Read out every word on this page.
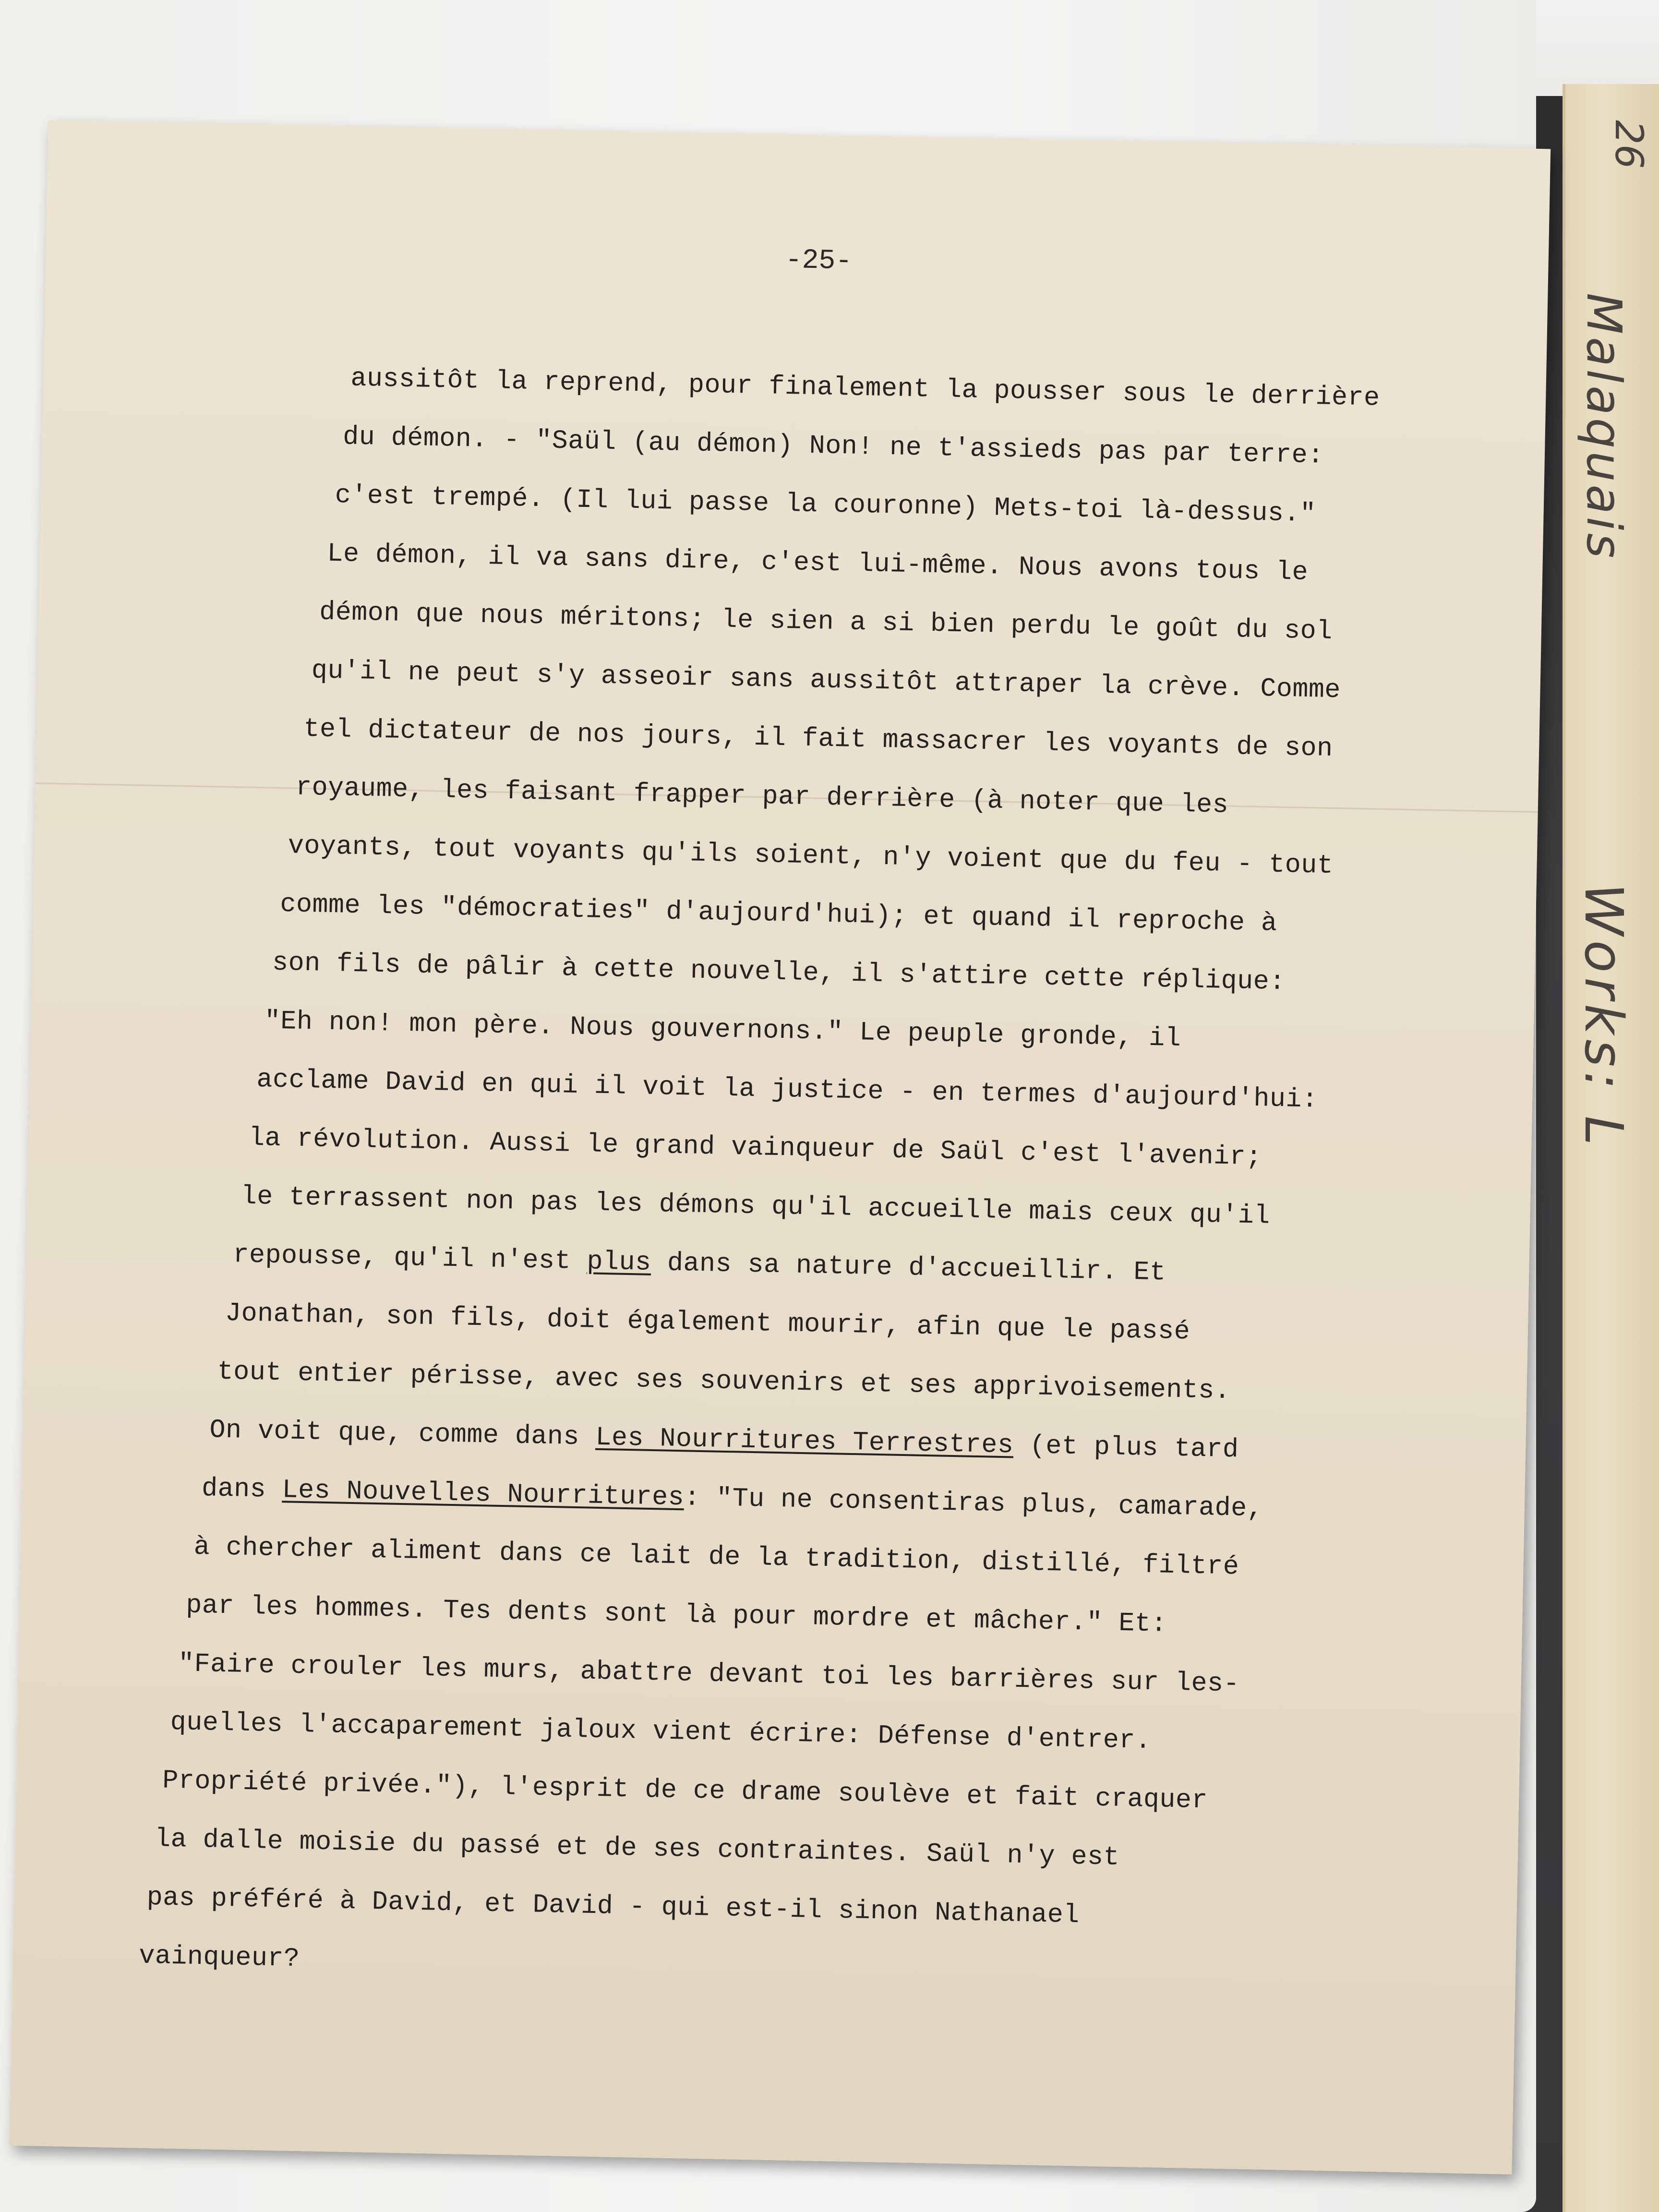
26
Malaquais
Works: L
-25-
aussitôt la reprend, pour finalement la pousser sous le derrière
du démon. - "Saül (au démon) Non! ne t'assieds pas par terre:
c'est trempé. (Il lui passe la couronne) Mets-toi là-dessus."
Le démon, il va sans dire, c'est lui-même. Nous avons tous le
démon que nous méritons; le sien a si bien perdu le goût du sol
qu'il ne peut s'y asseoir sans aussitôt attraper la crève. Comme
tel dictateur de nos jours, il fait massacrer les voyants de son
royaume, les faisant frapper par derrière (à noter que les
voyants, tout voyants qu'ils soient, n'y voient que du feu - tout
comme les "démocraties" d'aujourd'hui); et quand il reproche à
son fils de pâlir à cette nouvelle, il s'attire cette réplique:
"Eh non! mon père. Nous gouvernons." Le peuple gronde, il
acclame David en qui il voit la justice - en termes d'aujourd'hui:
la révolution. Aussi le grand vainqueur de Saül c'est l'avenir;
le terrassent non pas les démons qu'il accueille mais ceux qu'il
repousse, qu'il n'est plus dans sa nature d'accueillir. Et
Jonathan, son fils, doit également mourir, afin que le passé
tout entier périsse, avec ses souvenirs et ses apprivoisements.
On voit que, comme dans Les Nourritures Terrestres (et plus tard
dans Les Nouvelles Nourritures: "Tu ne consentiras plus, camarade,
à chercher aliment dans ce lait de la tradition, distillé, filtré
par les hommes. Tes dents sont là pour mordre et mâcher." Et:
"Faire crouler les murs, abattre devant toi les barrières sur les-
quelles l'accaparement jaloux vient écrire: Défense d'entrer.
Propriété privée."), l'esprit de ce drame soulève et fait craquer
la dalle moisie du passé et de ses contraintes. Saül n'y est
pas préféré à David, et David - qui est-il sinon Nathanael
vainqueur?
